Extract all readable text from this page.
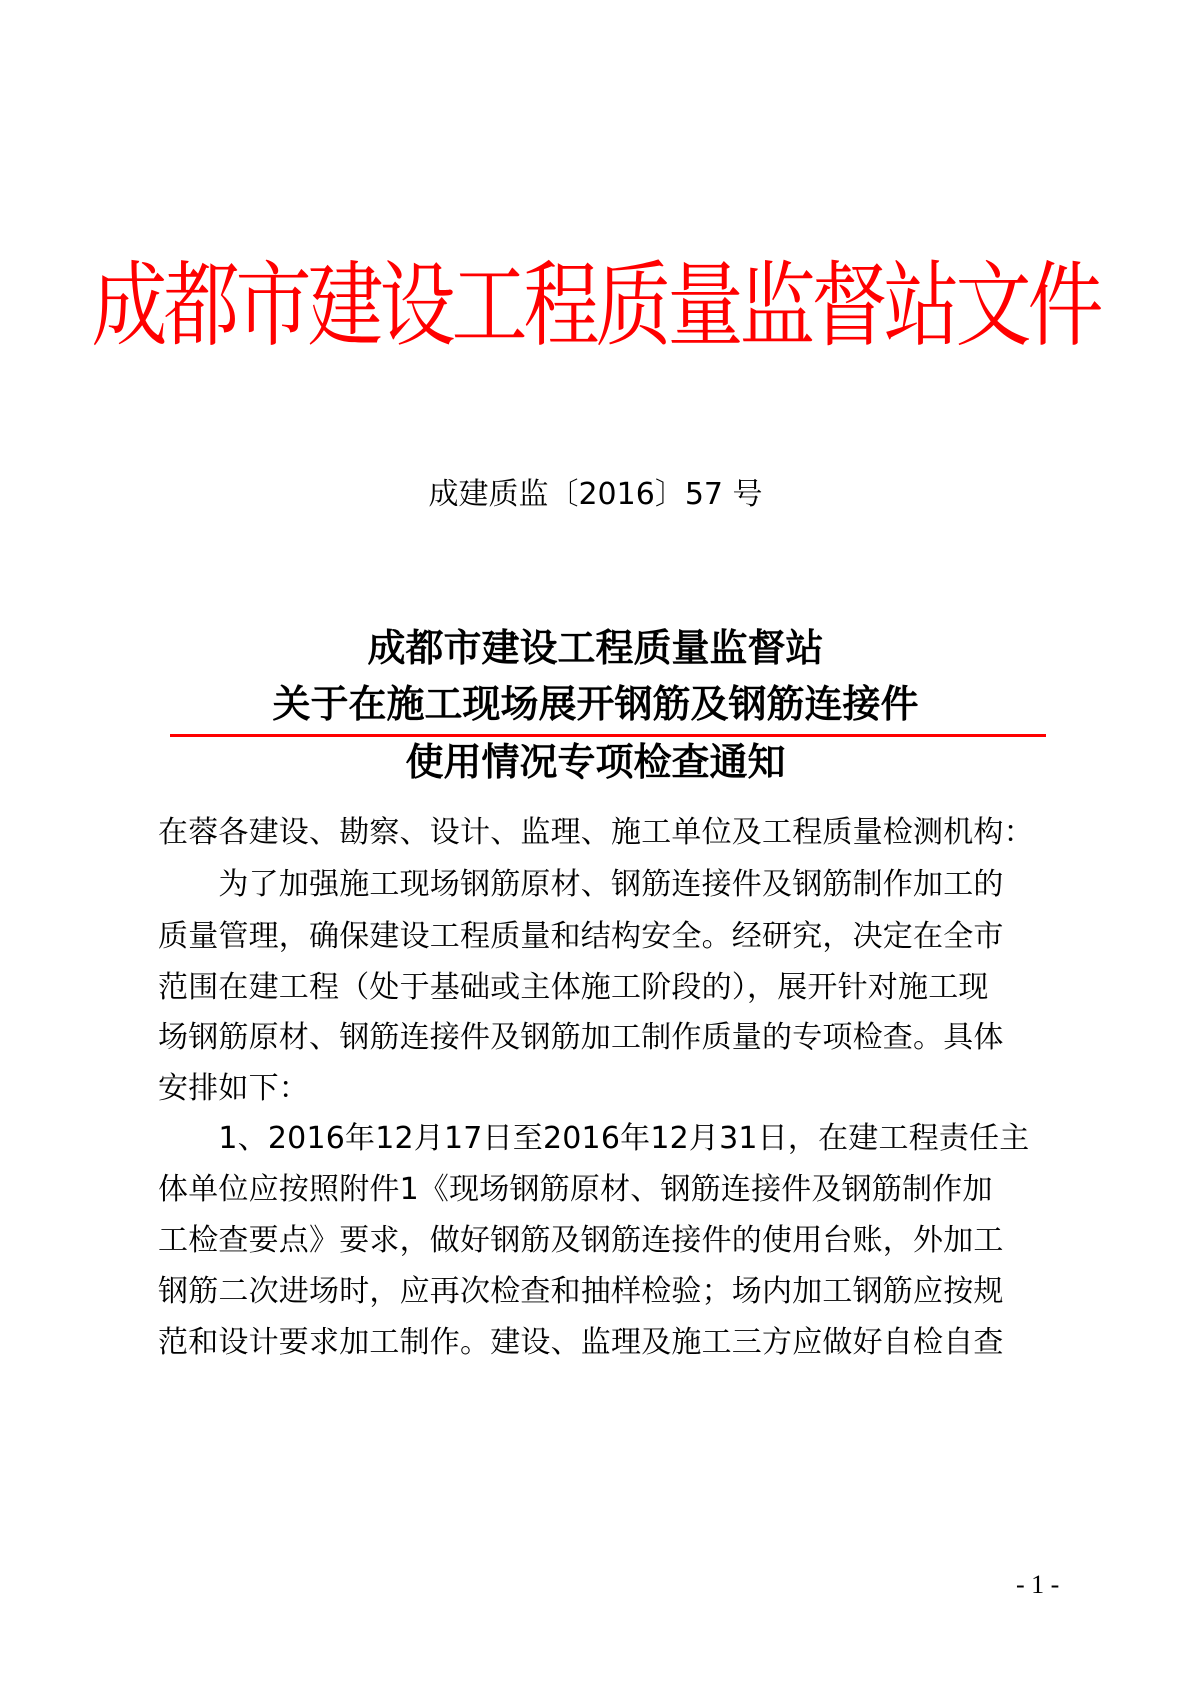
成都市建设工程质量监督站文件
成建质监〔2016〕57 号
成都市建设工程质量监督站
关于在施工现场展开钢筋及钢筋连接件
使用情况专项检查通知
在蓉各建设、勘察、设计、监理、施工单位及工程质量检测机构：
　　为了加强施工现场钢筋原材、钢筋连接件及钢筋制作加工的
质量管理，确保建设工程质量和结构安全。经研究，决定在全市
范围在建工程（处于基础或主体施工阶段的），展开针对施工现
场钢筋原材、钢筋连接件及钢筋加工制作质量的专项检查。具体
安排如下：
　　1、2016年12月17日至2016年12月31日，在建工程责任主
体单位应按照附件1《现场钢筋原材、钢筋连接件及钢筋制作加
工检查要点》要求，做好钢筋及钢筋连接件的使用台账，外加工
钢筋二次进场时，应再次检查和抽样检验；场内加工钢筋应按规
范和设计要求加工制作。建设、监理及施工三方应做好自检自查
- 1 -
